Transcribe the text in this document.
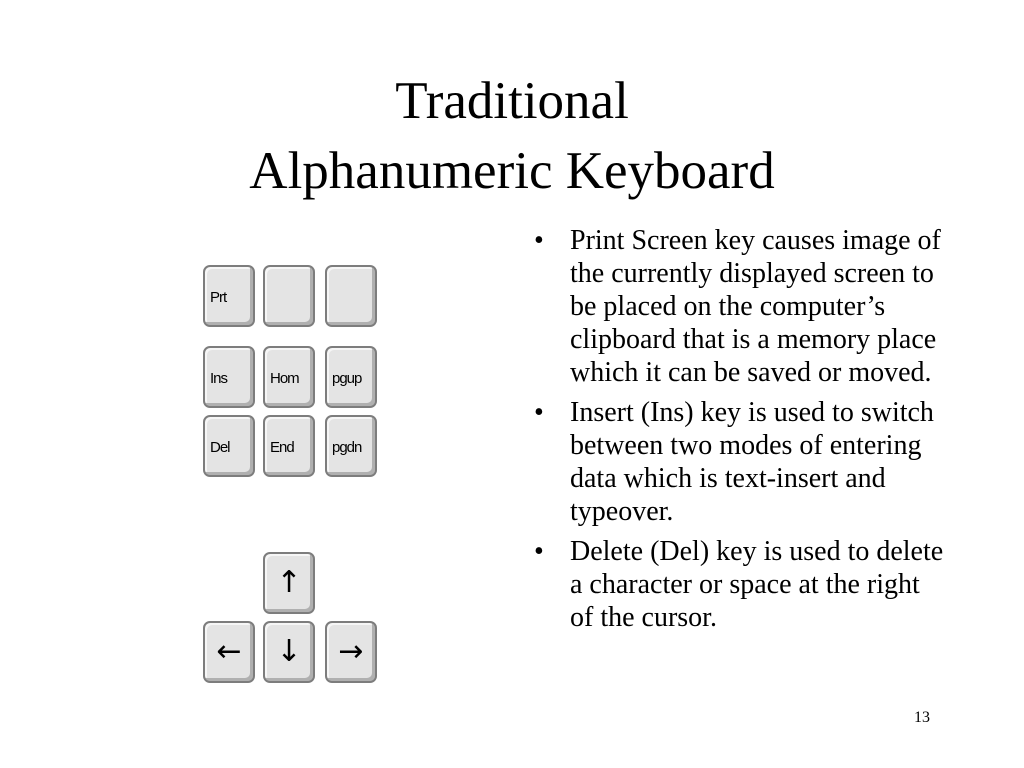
Traditional
Alphanumeric Keyboard
Prt
Ins	Hom pgup
Del	End	pgdn
↑
←	↓	→
• Print Screen key causes image of the currently displayed screen to be placed on the computer’s clipboard that is a memory place which it can be saved or moved.
• Insert (Ins) key is used to switch between two modes of entering data which is text-insert and typeover.
• Delete (Del) key is used to delete a character or space at the right of the cursor.
13
